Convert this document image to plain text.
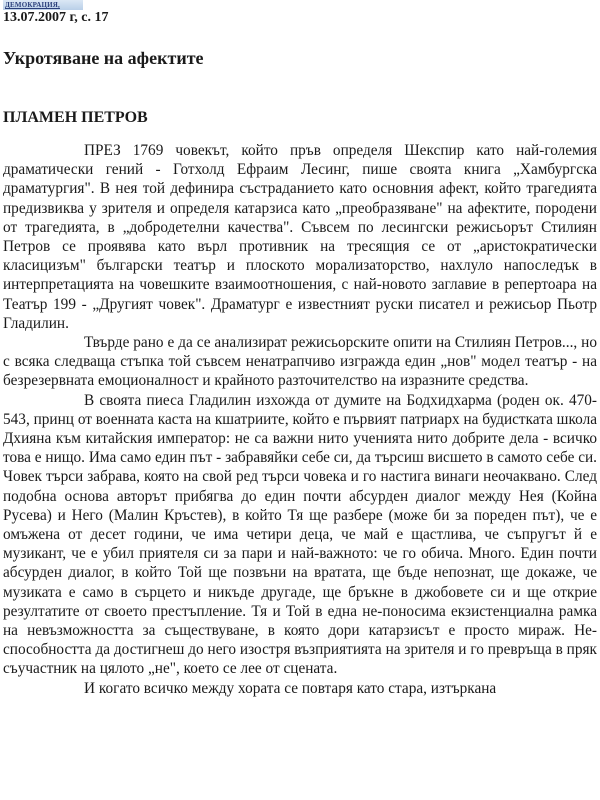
ДЕМОКРАЦИЯ,
13.07.2007 г, с. 17
Укротяване на афектите
ПЛАМЕН ПЕТРОВ

ПРЕЗ 1769 човекът, който пръв определя Шекспир като най-големия драматически гений - Готхолд Ефраим Лесинг, пише своята книга „Хамбургска драматургия". В нея той дефинира състраданието като основния афект, който трагедията предизвиква у зрителя и определя катарзиса като „преобразяване" на афектите, породени от трагедията, в „добродетелни качества". Съвсем по лесингски режисьорът Стилиян Петров се проявява като върл противник на тресящия се от „аристократически класицизъм" български театър и плоското морализаторство, нахлуло напоследък в интерпретацията на човешките взаимоотношения, с най-новото заглавие в репертоара на Театър 199 - „Другият човек". Драматург е известният руски писател и режисьор Пьотр Гладилин.

Твърде рано е да се анализират режисьорските опити на Стилиян Петров..., но с всяка следваща стъпка той съвсем ненатрапчиво изгражда един „нов" модел театър - на безрезервната емоционалност и крайното разточителство на изразните средства.

В своята пиеса Гладилин изхожда от думите на Бодхидхарма (роден ок. 470-543, принц от военната каста на кшатриите, който е първият патриарх на будистката школа Дхияна към китайския император: не са важни нито ученията нито добрите дела - всичко това е нищо. Има само един път - забравяйки себе си, да търсиш висшето в самото себе си. Човек търси забрава, която на свой ред търси човека и го настига винаги неочаквано. След подобна основа авторът прибягва до един почти абсурден диалог между Нея (Койна Русева) и Него (Малин Кръстев), в който Тя ще разбере (може би за пореден път), че е омъжена от десет години, че има четири деца, че май е щастлива, че съпругът й е музикант, че е убил приятеля си за пари и най-важното: че го обича. Много. Един почти абсурден диалог, в който Той ще позвъни на вратата, ще бъде непознат, ще докаже, че музиката е само в сърцето и никъде другаде, ще бръкне в джобовете си и ще открие резултатите от своето престъпление. Тя и Той в една не-поносима екзистенциална рамка на невъзможността за съществуване, в която дори катарзисът е просто мираж. Не-способността да достигнеш до него изостря възприятията на зрителя и го превръща в пряк съучастник на цялото „не", което се лее от сцената.

И когато всичко между хората се повтаря като стара, изтъркана
